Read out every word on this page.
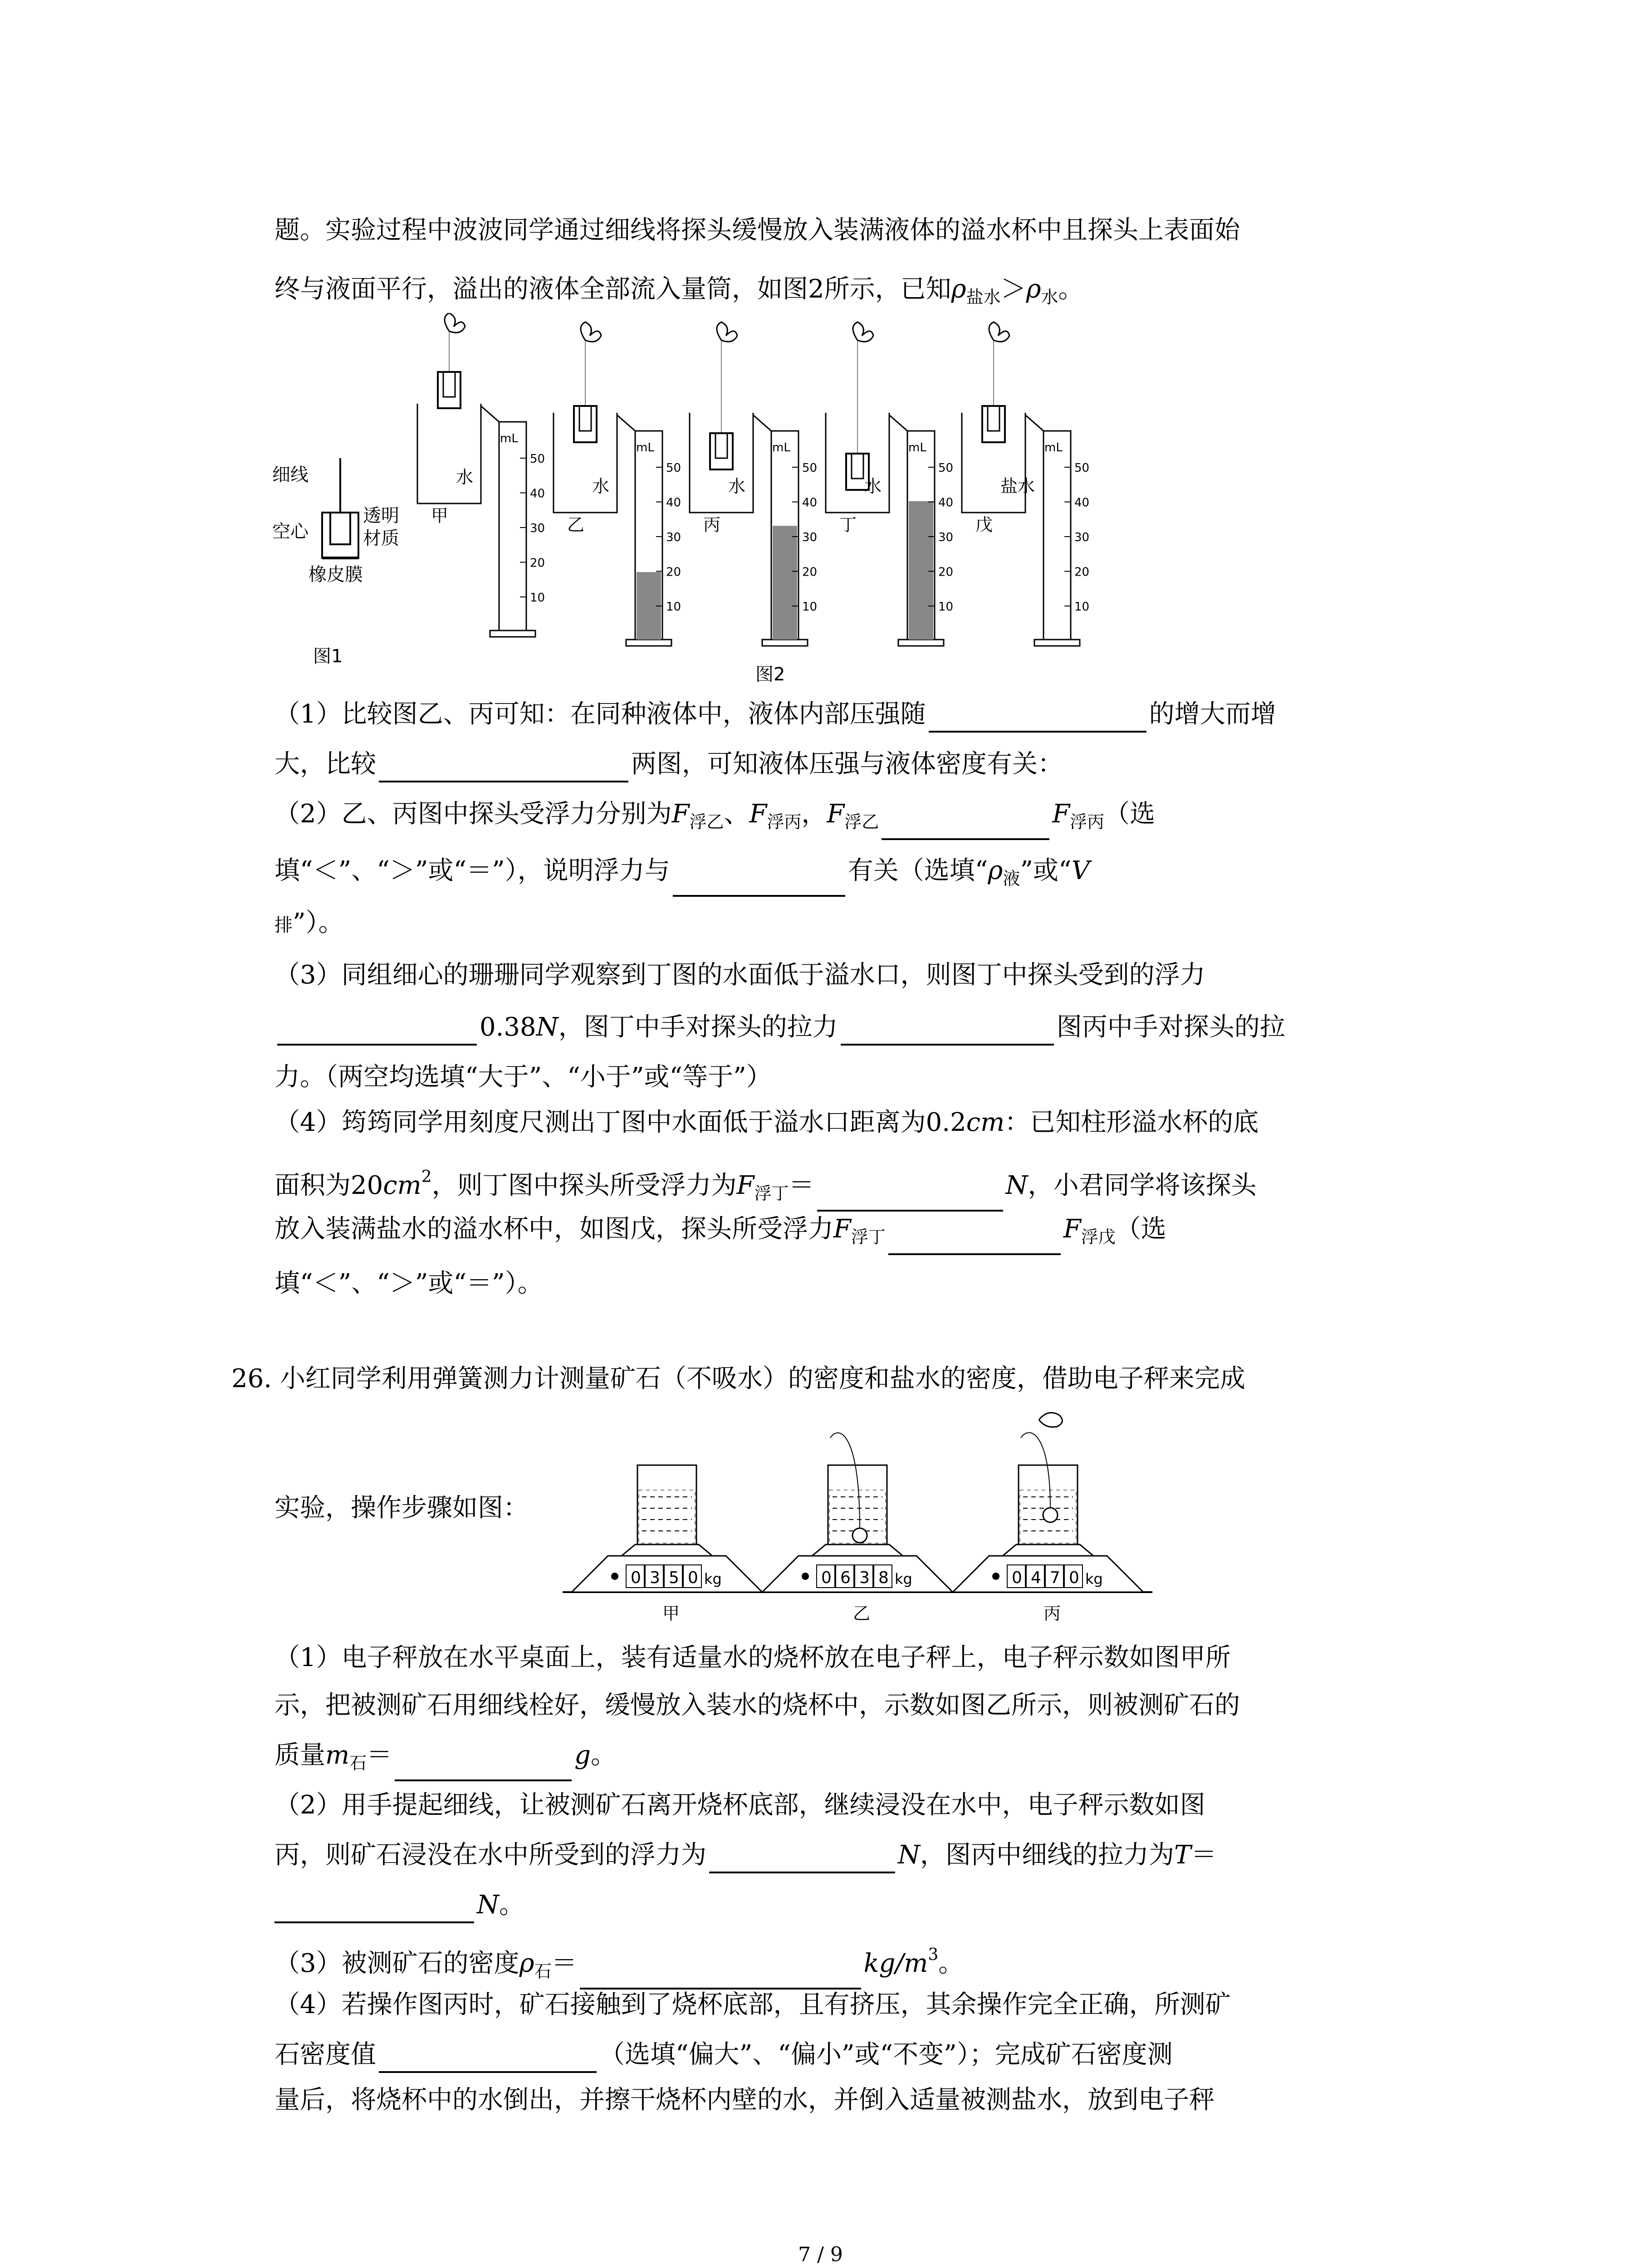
题。实验过程中波波同学通过细线将探头缓慢放入装满液体的溢水杯中且探头上表面始
终与液面平行，溢出的液体全部流入量筒，如图2所示，已知$\rho_{盐水}>\rho_水$。
细线
空心
透明
材质
橡皮膜
图1
水
甲
mL
50
40
30
20
10
水
乙
mL
50
40
30
20
10
水
丙
mL
50
40
30
20
10
水
丁
mL
50
40
30
20
10
盐水
戊
mL
50
40
30
20
10
图2
（1）比较图乙、丙可知：在同种液体中，液体内部压强随	的增大而增
大，比较	两图，可知液体压强与液体密度有关：
（2）乙、丙图中探头受浮力分别为$F_{浮乙}$、$F_{浮丙}$，$F_{浮乙}$	$F_{浮丙}$（选
填“＜”、“＞”或“＝”），说明浮力与	有关（选填“$\rho_液$”或“V
排”）。
（3）同组细心的珊珊同学观察到丁图的水面低于溢水口，则图丁中探头受到的浮力
0.38N，图丁中手对探头的拉力	图丙中手对探头的拉
力。（两空均选填“大于”、“小于”或“等于”）
（4）筠筠同学用刻度尺测出丁图中水面低于溢水口距离为0.2cm：已知柱形溢水杯的底
面积为$20cm^2$，则丁图中探头所受浮力为$F_{浮丁}=$	N，小君同学将该探头
放入装满盐水的溢水杯中，如图戊，探头所受浮力$F_{浮丁}$	$F_{浮戊}$（选
填“＜”、“＞”或“＝”）。
26. 小红同学利用弹簧测力计测量矿石（不吸水）的密度和盐水的密度，借助电子秤来完成
实验，操作步骤如图：
0 3 5 0 kg
甲
0 6 3 8 kg
乙
0 4 7 0 kg
丙
（1）电子秤放在水平桌面上，装有适量水的烧杯放在电子秤上，电子秤示数如图甲所
示，把被测矿石用细线栓好，缓慢放入装水的烧杯中，示数如图乙所示，则被测矿石的
质量$m_石=$	g。
（2）用手提起细线，让被测矿石离开烧杯底部，继续浸没在水中，电子秤示数如图
丙，则矿石浸没在水中所受到的浮力为	N，图丙中细线的拉力为T＝
N。
（3）被测矿石的密度$\rho_石=$	$kg/m^3$。
（4）若操作图丙时，矿石接触到了烧杯底部，且有挤压，其余操作完全正确，所测矿
石密度值	（选填“偏大”、“偏小”或“不变”）；完成矿石密度测
量后，将烧杯中的水倒出，并擦干烧杯内壁的水，并倒入适量被测盐水，放到电子秤
7 / 9
